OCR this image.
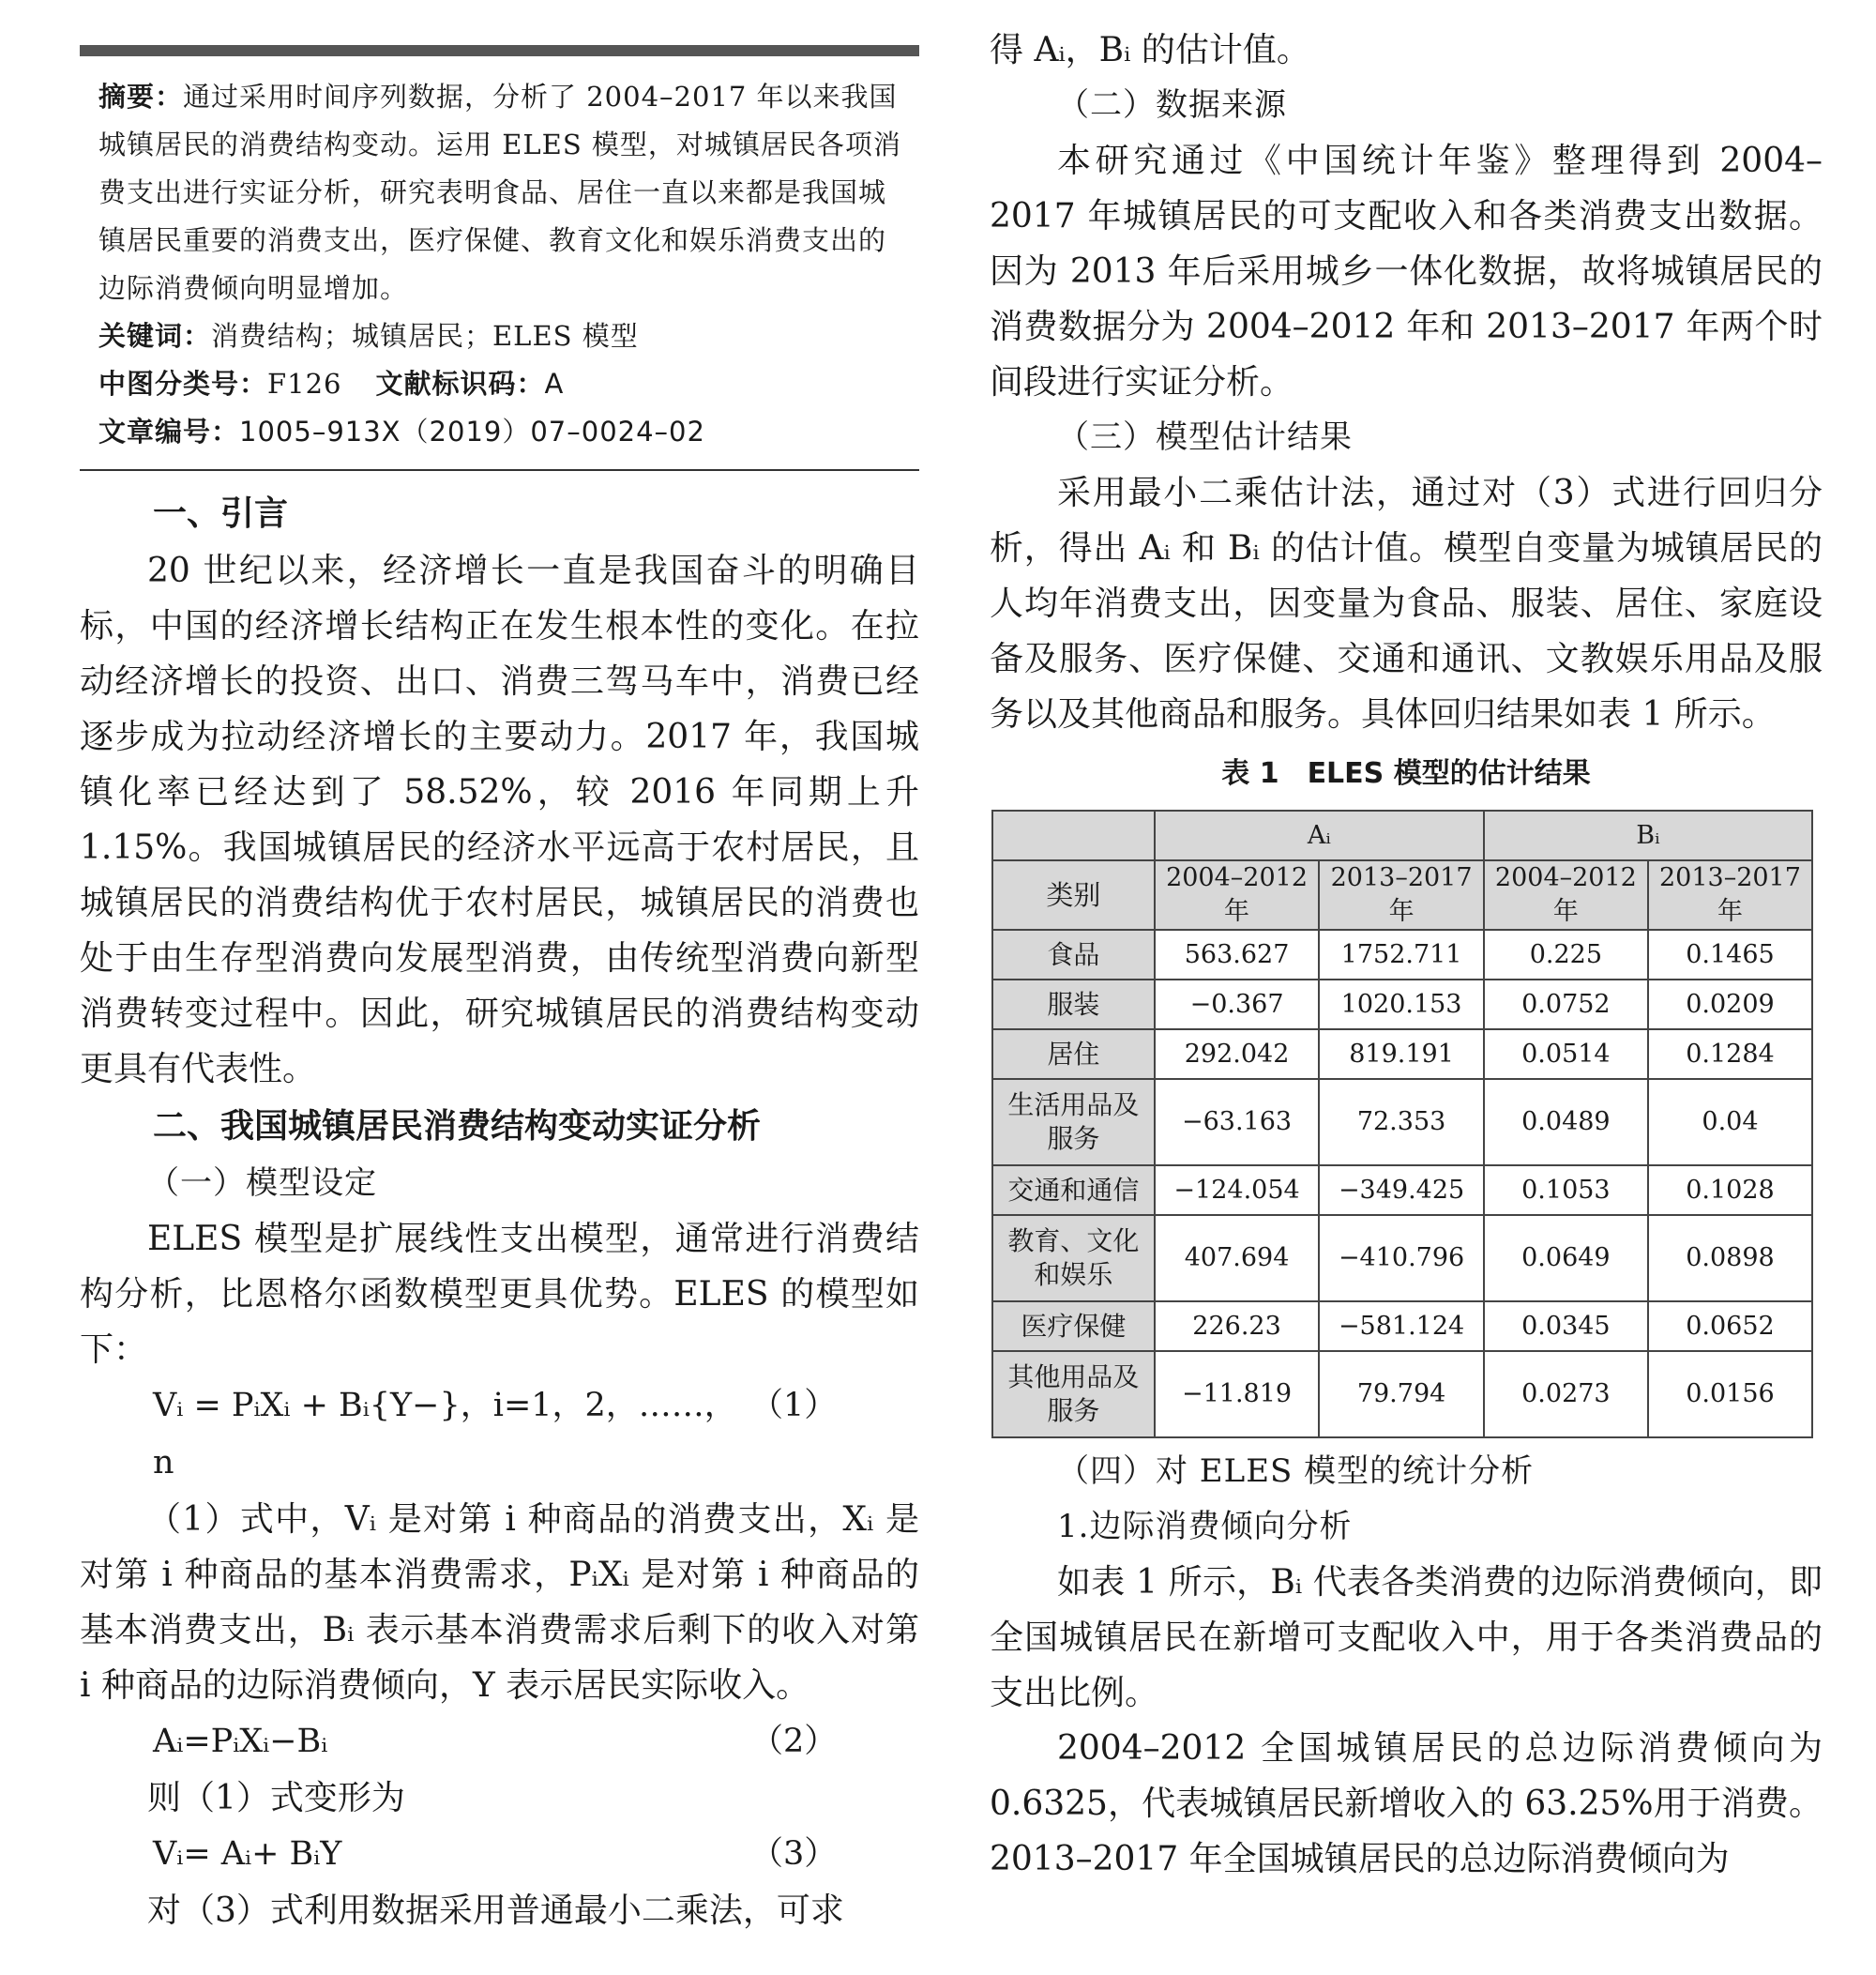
摘要：通过采用时间序列数据，分析了 2004–2017 年以来我国城镇居民的消费结构变动。运用 ELES 模型，对城镇居民各项消费支出进行实证分析，研究表明食品、居住一直以来都是我国城镇居民重要的消费支出，医疗保健、教育文化和娱乐消费支出的边际消费倾向明显增加。
关键词：消费结构；城镇居民；ELES 模型
中图分类号：F126 文献标识码：A
文章编号：1005–913X（2019）07–0024–02

一、引言

20 世纪以来，经济增长一直是我国奋斗的明确目标，中国的经济增长结构正在发生根本性的变化。在拉动经济增长的投资、出口、消费三驾马车中，消费已经逐步成为拉动经济增长的主要动力。2017 年，我国城镇化率已经达到了 58.52%，较 2016 年同期上升 1.15%。我国城镇居民的经济水平远高于农村居民，且城镇居民的消费结构优于农村居民，城镇居民的消费也处于由生存型消费向发展型消费，由传统型消费向新型消费转变过程中。因此，研究城镇居民的消费结构变动更具有代表性。

二、我国城镇居民消费结构变动实证分析

（一）模型设定

ELES 模型是扩展线性支出模型，通常进行消费结构分析，比恩格尔函数模型更具优势。ELES 的模型如下：

Vᵢ = PᵢXᵢ + Bᵢ{Y−}，i=1，2，……，n
（1）

（1）式中，Vᵢ 是对第 i 种商品的消费支出，Xᵢ 是对第 i 种商品的基本消费需求，PᵢXᵢ 是对第 i 种商品的基本消费支出，Bᵢ 表示基本消费需求后剩下的收入对第 i 种商品的边际消费倾向，Y 表示居民实际收入。

Aᵢ=PᵢXᵢ−Bᵢ	（2）

则（1）式变形为

Vᵢ= Aᵢ+ BᵢY	（3）

对（3）式利用数据采用普通最小二乘法，可求

得 Aᵢ，Bᵢ 的估计值。

（二）数据来源

本研究通过《中国统计年鉴》整理得到 2004–2017 年城镇居民的可支配收入和各类消费支出数据。因为 2013 年后采用城乡一体化数据，故将城镇居民的消费数据分为 2004–2012 年和 2013–2017 年两个时间段进行实证分析。

（三）模型估计结果

采用最小二乘估计法，通过对（3）式进行回归分析，得出 Aᵢ 和 Bᵢ 的估计值。模型自变量为城镇居民的人均年消费支出，因变量为食品、服装、居住、家庭设备及服务、医疗保健、交通和通讯、文教娱乐用品及服务以及其他商品和服务。具体回归结果如表 1 所示。

表 1　ELES 模型的估计结果
	Aᵢ		Bᵢ	
类别	2004–2012 年	2013–2017 年	2004–2012 年	2013–2017 年
食品	563.627	1752.711	0.225	0.1465
服装	−0.367	1020.153	0.0752	0.0209
居住	292.042	819.191	0.0514	0.1284
生活用品及服务	−63.163	72.353	0.0489	0.04
交通和通信	−124.054	−349.425	0.1053	0.1028
教育、文化和娱乐	407.694	−410.796	0.0649	0.0898
医疗保健	226.23	−581.124	0.0345	0.0652
其他用品及服务	−11.819	79.794	0.0273	0.0156

（四）对 ELES 模型的统计分析

1.边际消费倾向分析

如表 1 所示，Bᵢ 代表各类消费的边际消费倾向，即全国城镇居民在新增可支配收入中，用于各类消费品的支出比例。

2004–2012 全国城镇居民的总边际消费倾向为 0.6325，代表城镇居民新增收入的 63.25%用于消费。2013–2017 年全国城镇居民的总边际消费倾向为
